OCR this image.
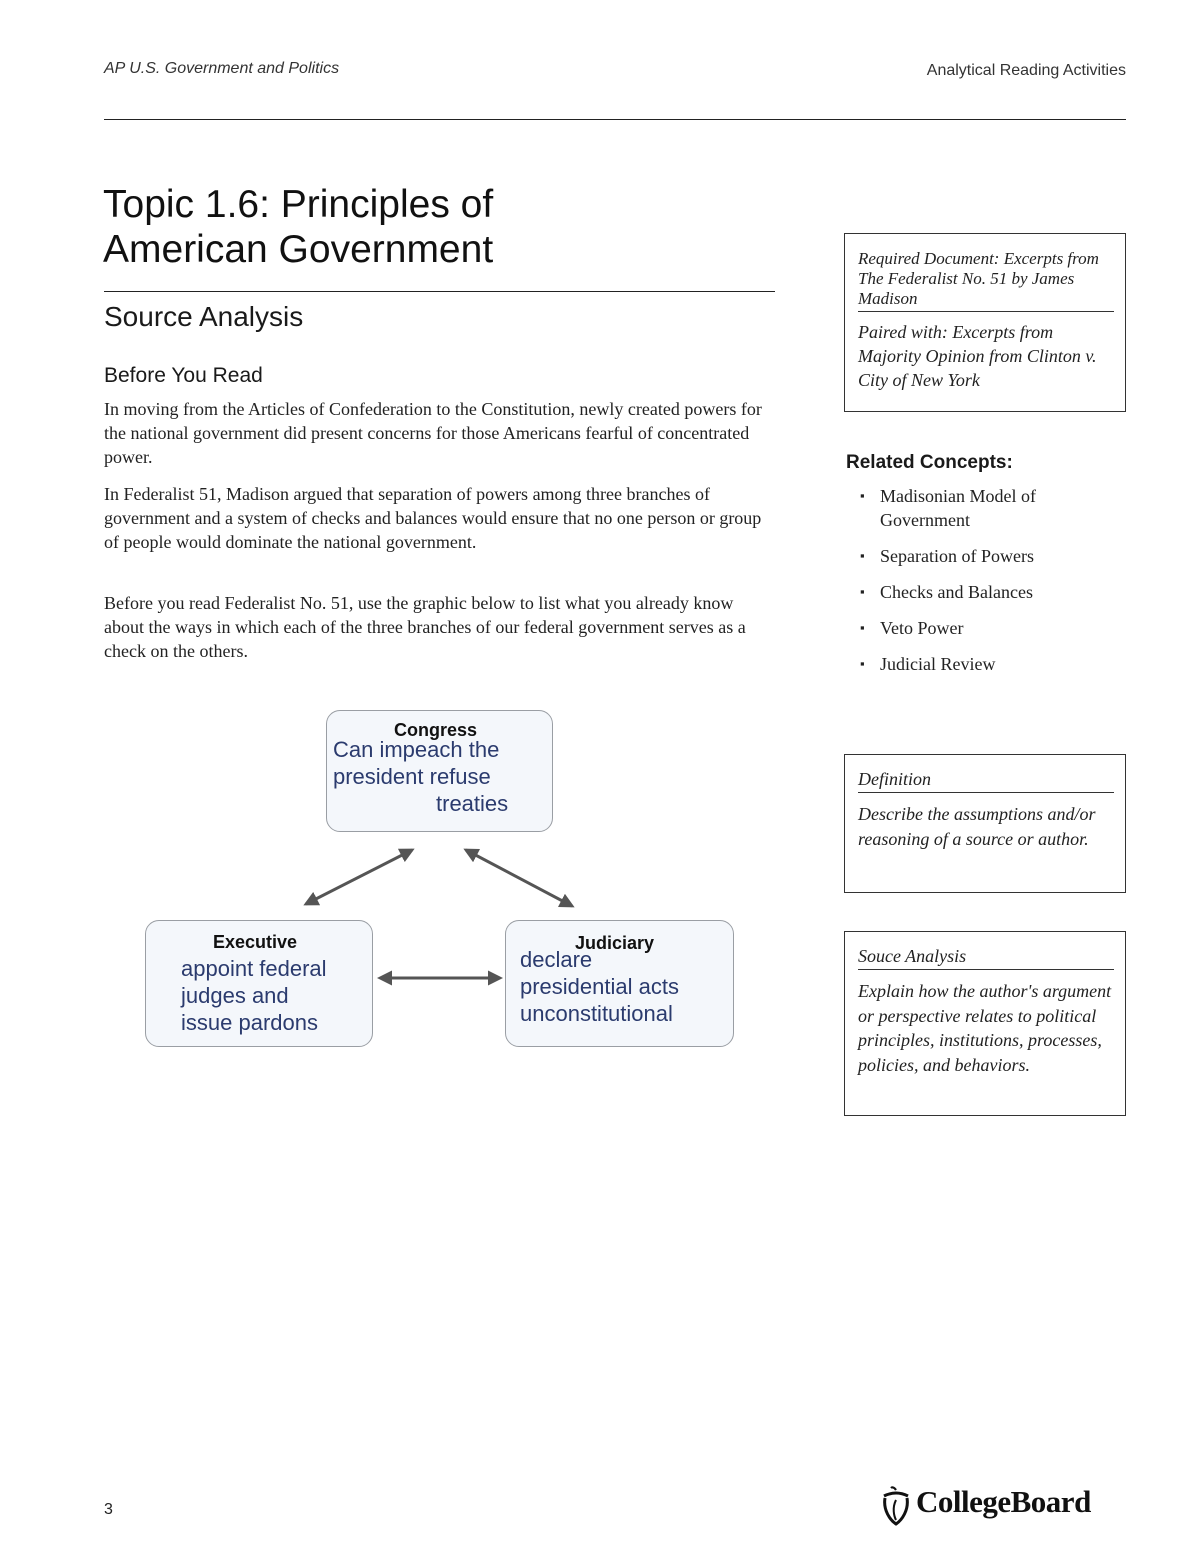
AP U.S. Government and Politics	Analytical Reading Activities
Topic 1.6: Principles of American Government
Source Analysis
Before You Read

In moving from the Articles of Confederation to the Constitution, newly created powers for the national government did present concerns for those Americans fearful of concentrated power.

In Federalist 51, Madison argued that separation of powers among three branches of government and a system of checks and balances would ensure that no one person or group of people would dominate the national government.

Before you read Federalist No. 51, use the graphic below to list what you already know about the ways in which each of the three branches of our federal government serves as a check on the others.

Required Document: Excerpts from The Federalist No. 51 by James Madison
Paired with: Excerpts from Majority Opinion from Clinton v. City of New York
Related Concepts:
▪ Madisonian Model of Government
▪ Separation of Powers
▪ Checks and Balances
▪ Veto Power
▪ Judicial Review
Definition
Describe the assumptions and/or reasoning of a source or author.
Souce Analysis
Explain how the author's argument or perspective relates to political principles, institutions, processes, policies, and behaviors.
Congress
Can impeach the
president refuse
treaties
Executive
appoint federal
judges and
issue pardons
Judiciary
declare
presidential acts
unconstitutional
3	CollegeBoard
